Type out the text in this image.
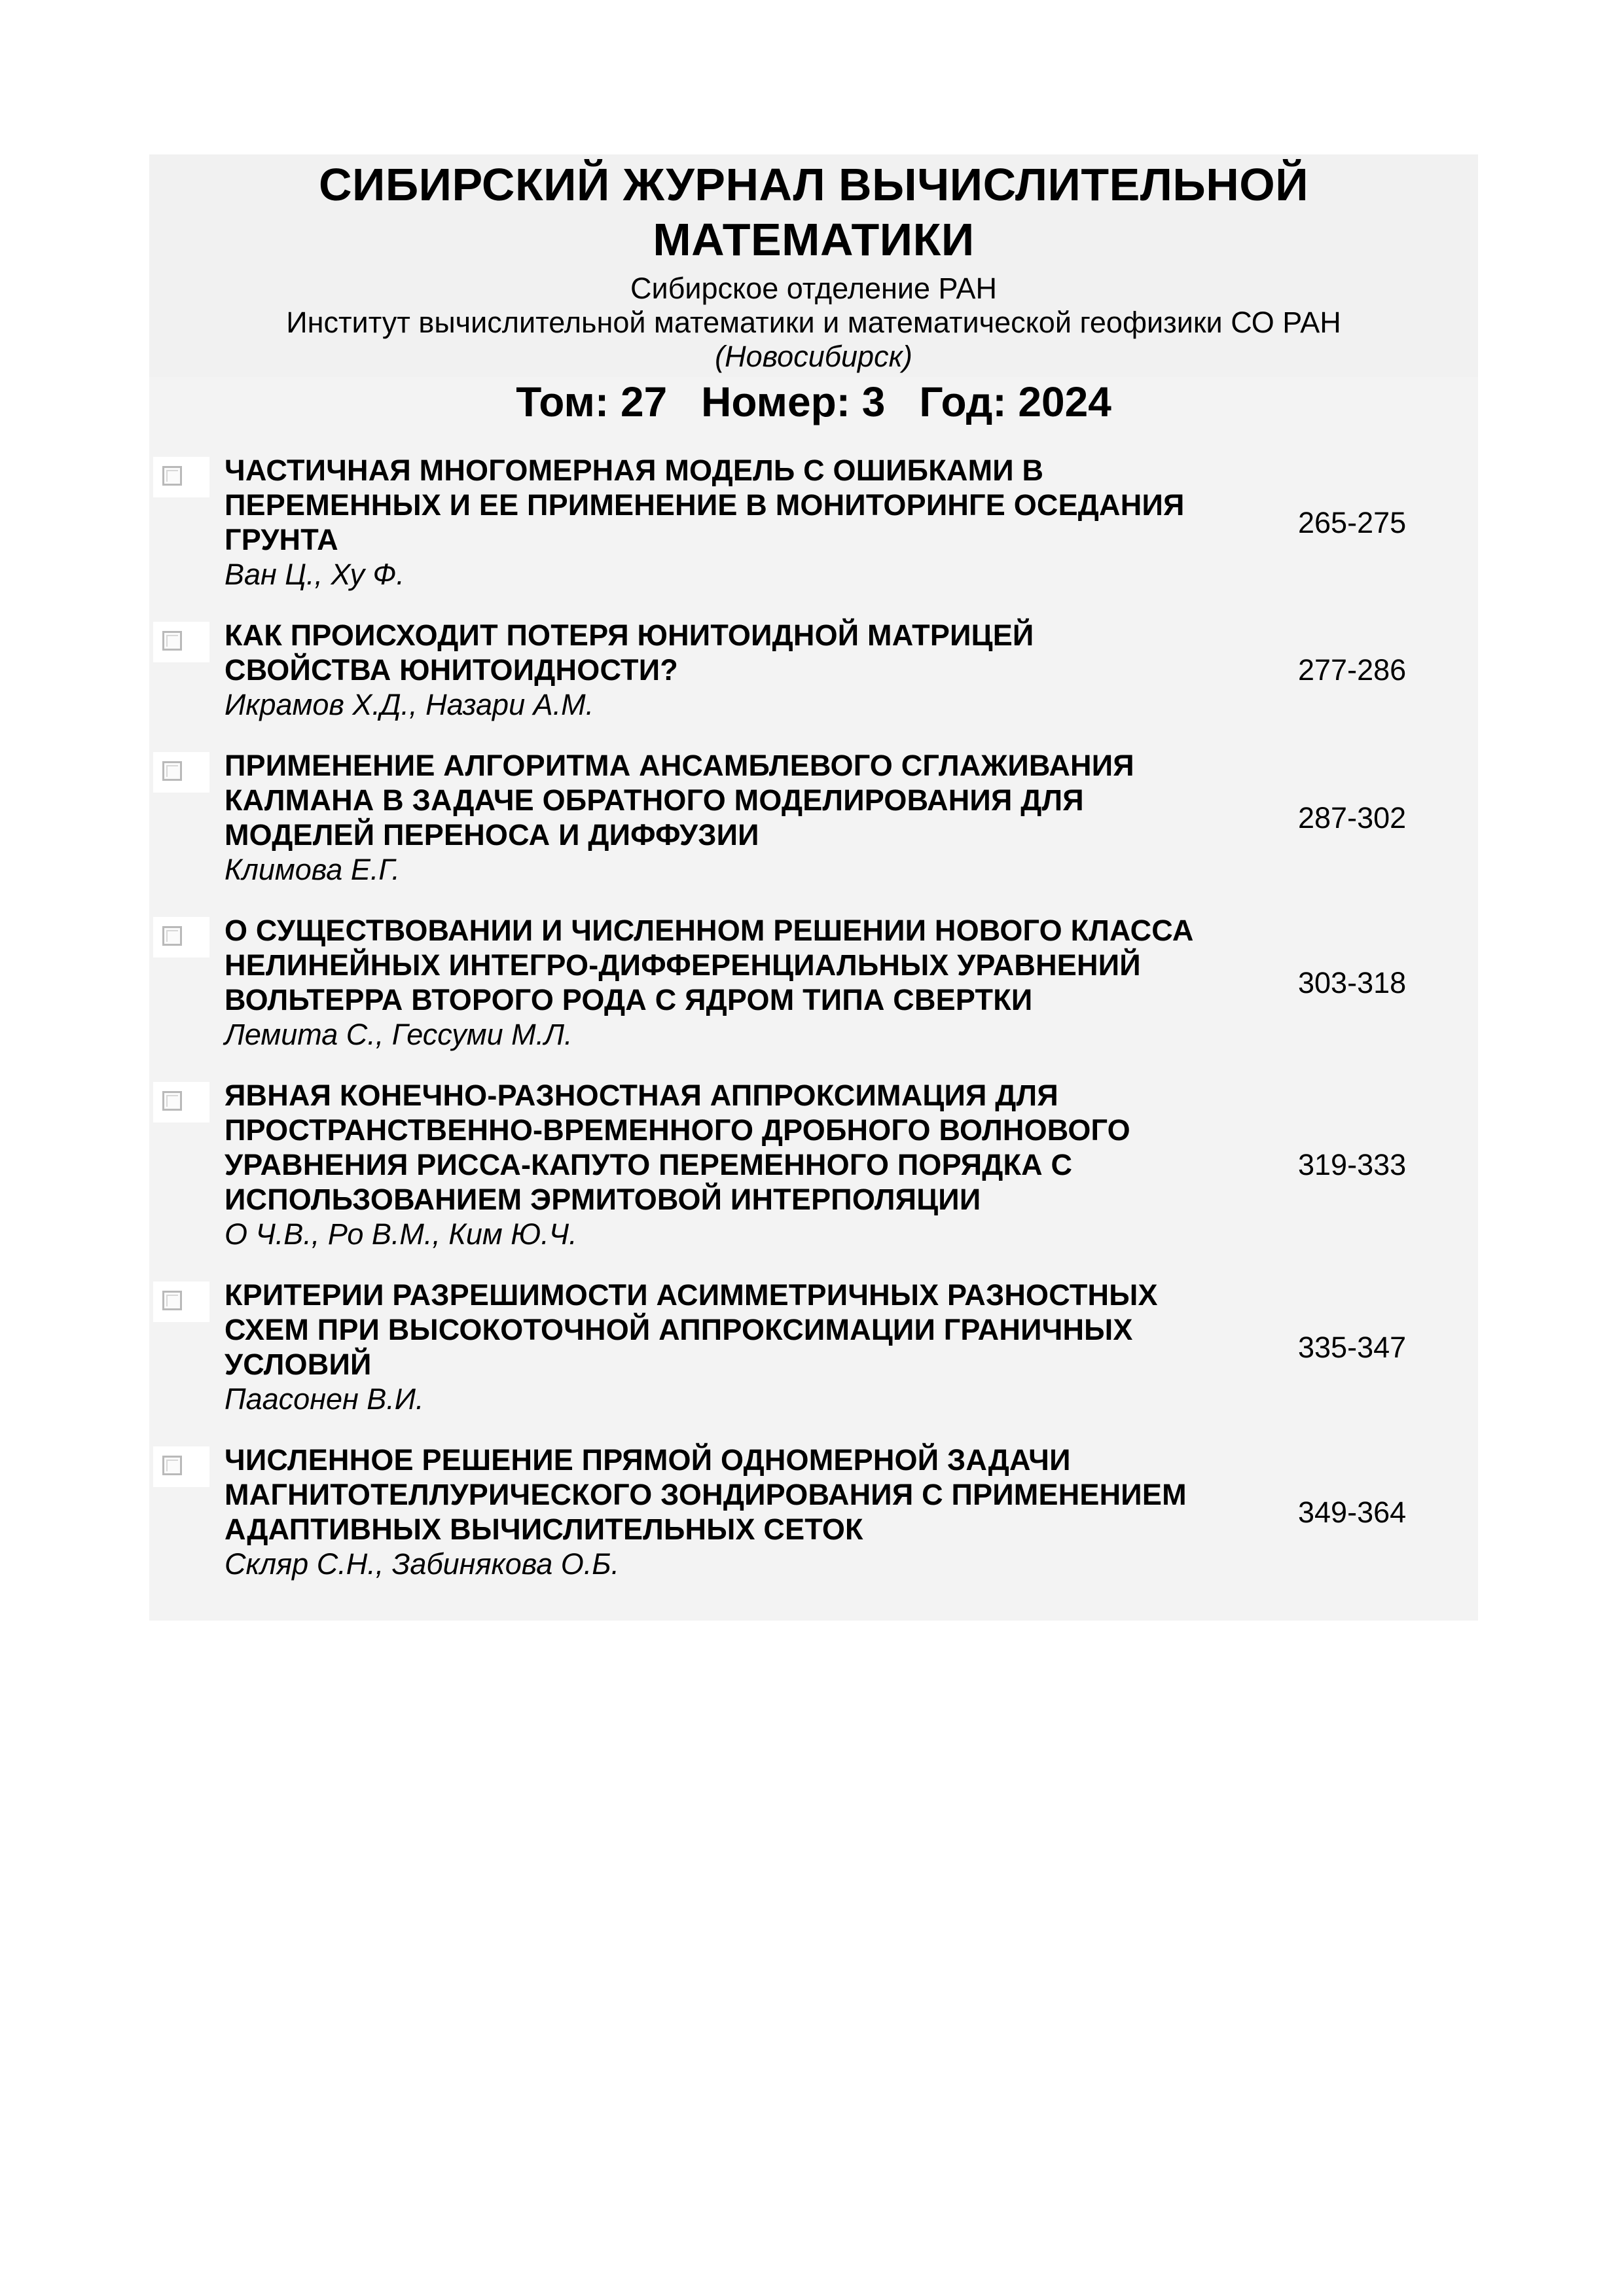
СИБИРСКИЙ ЖУРНАЛ ВЫЧИСЛИТЕЛЬНОЙ
МАТЕМАТИКИ
Сибирское отделение РАН
Институт вычислительной математики и математической геофизики СО РАН
(Новосибирск)
Том: 27 Номер: 3 Год: 2024
ЧАСТИЧНАЯ МНОГОМЕРНАЯ МОДЕЛЬ С ОШИБКАМИ В
ПЕРЕМЕННЫХ И ЕЕ ПРИМЕНЕНИЕ В МОНИТОРИНГЕ ОСЕДАНИЯ
ГРУНТА
Ван Ц., Ху Ф.
265-275
КАК ПРОИСХОДИТ ПОТЕРЯ ЮНИТОИДНОЙ МАТРИЦЕЙ
СВОЙСТВА ЮНИТОИДНОСТИ?
Икрамов Х.Д., Назари А.М.
277-286
ПРИМЕНЕНИЕ АЛГОРИТМА АНСАМБЛЕВОГО СГЛАЖИВАНИЯ
КАЛМАНА В ЗАДАЧЕ ОБРАТНОГО МОДЕЛИРОВАНИЯ ДЛЯ
МОДЕЛЕЙ ПЕРЕНОСА И ДИФФУЗИИ
Климова Е.Г.
287-302
О СУЩЕСТВОВАНИИ И ЧИСЛЕННОМ РЕШЕНИИ НОВОГО КЛАССА
НЕЛИНЕЙНЫХ ИНТЕГРО-ДИФФЕРЕНЦИАЛЬНЫХ УРАВНЕНИЙ
ВОЛЬТЕРРА ВТОРОГО РОДА С ЯДРОМ ТИПА СВЕРТКИ
Лемита С., Гессуми М.Л.
303-318
ЯВНАЯ КОНЕЧНО-РАЗНОСТНАЯ АППРОКСИМАЦИЯ ДЛЯ
ПРОСТРАНСТВЕННО-ВРЕМЕННОГО ДРОБНОГО ВОЛНОВОГО
УРАВНЕНИЯ РИССА-КАПУТО ПЕРЕМЕННОГО ПОРЯДКА С
ИСПОЛЬЗОВАНИЕМ ЭРМИТОВОЙ ИНТЕРПОЛЯЦИИ
О Ч.В., Ро В.М., Ким Ю.Ч.
319-333
КРИТЕРИИ РАЗРЕШИМОСТИ АСИММЕТРИЧНЫХ РАЗНОСТНЫХ
СХЕМ ПРИ ВЫСОКОТОЧНОЙ АППРОКСИМАЦИИ ГРАНИЧНЫХ
УСЛОВИЙ
Паасонен В.И.
335-347
ЧИСЛЕННОЕ РЕШЕНИЕ ПРЯМОЙ ОДНОМЕРНОЙ ЗАДАЧИ
МАГНИТОТЕЛЛУРИЧЕСКОГО ЗОНДИРОВАНИЯ С ПРИМЕНЕНИЕМ
АДАПТИВНЫХ ВЫЧИСЛИТЕЛЬНЫХ СЕТОК
Скляр С.Н., Забинякова О.Б.
349-364
